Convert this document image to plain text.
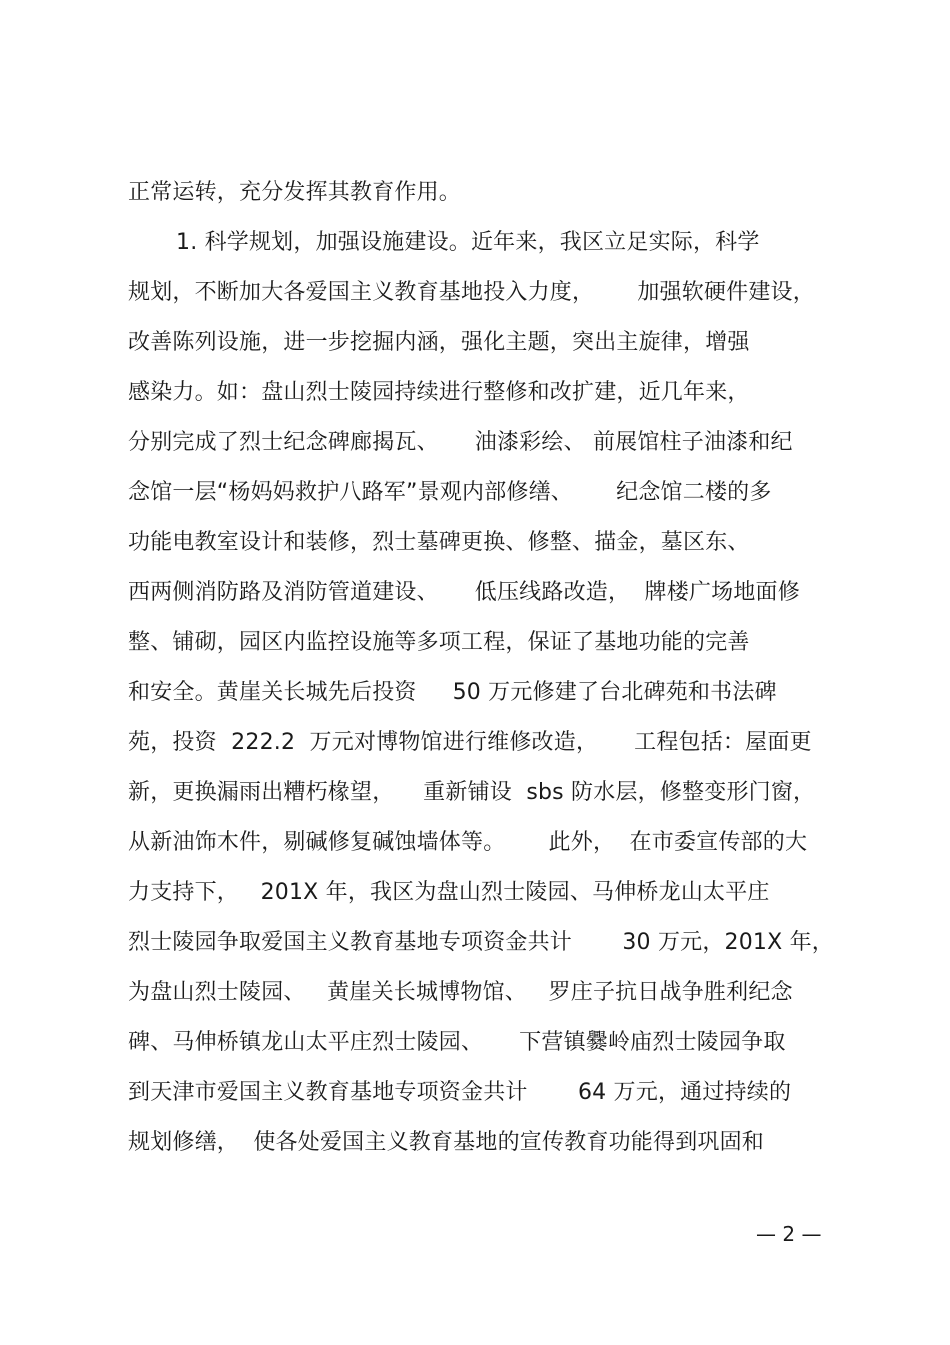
正常运转，充分发挥其教育作用。
1. 科学规划，加强设施建设。近年来，我区立足实际，科学
规划，不断加大各爱国主义教育基地投入力度，      加强软硬件建设，
改善陈列设施，进一步挖掘内涵，强化主题，突出主旋律，增强
感染力。如：盘山烈士陵园持续进行整修和改扩建，近几年来，
分别完成了烈士纪念碑廊揭瓦、     油漆彩绘、 前展馆柱子油漆和纪
念馆一层“杨妈妈救护八路军”景观内部修缮、      纪念馆二楼的多
功能电教室设计和装修，烈士墓碑更换、修整、描金，墓区东、
西两侧消防路及消防管道建设、     低压线路改造，  牌楼广场地面修
整、铺砌，园区内监控设施等多项工程，保证了基地功能的完善
和安全。黄崖关长城先后投资     50 万元修建了台北碑苑和书法碑
苑，投资  222.2  万元对博物馆进行维修改造，     工程包括：屋面更
新，更换漏雨出糟朽椽望，    重新铺设  sbs 防水层，修整变形门窗，
从新油饰木件，剔碱修复碱蚀墙体等。      此外，  在市委宣传部的大
力支持下，   201X 年，我区为盘山烈士陵园、马伸桥龙山太平庄
烈士陵园争取爱国主义教育基地专项资金共计       30 万元，201X 年，
为盘山烈士陵园、   黄崖关长城博物馆、   罗庄子抗日战争胜利纪念
碑、马伸桥镇龙山太平庄烈士陵园、     下营镇爨岭庙烈士陵园争取
到天津市爱国主义教育基地专项资金共计       64 万元，通过持续的
规划修缮，  使各处爱国主义教育基地的宣传教育功能得到巩固和
— 2 —
